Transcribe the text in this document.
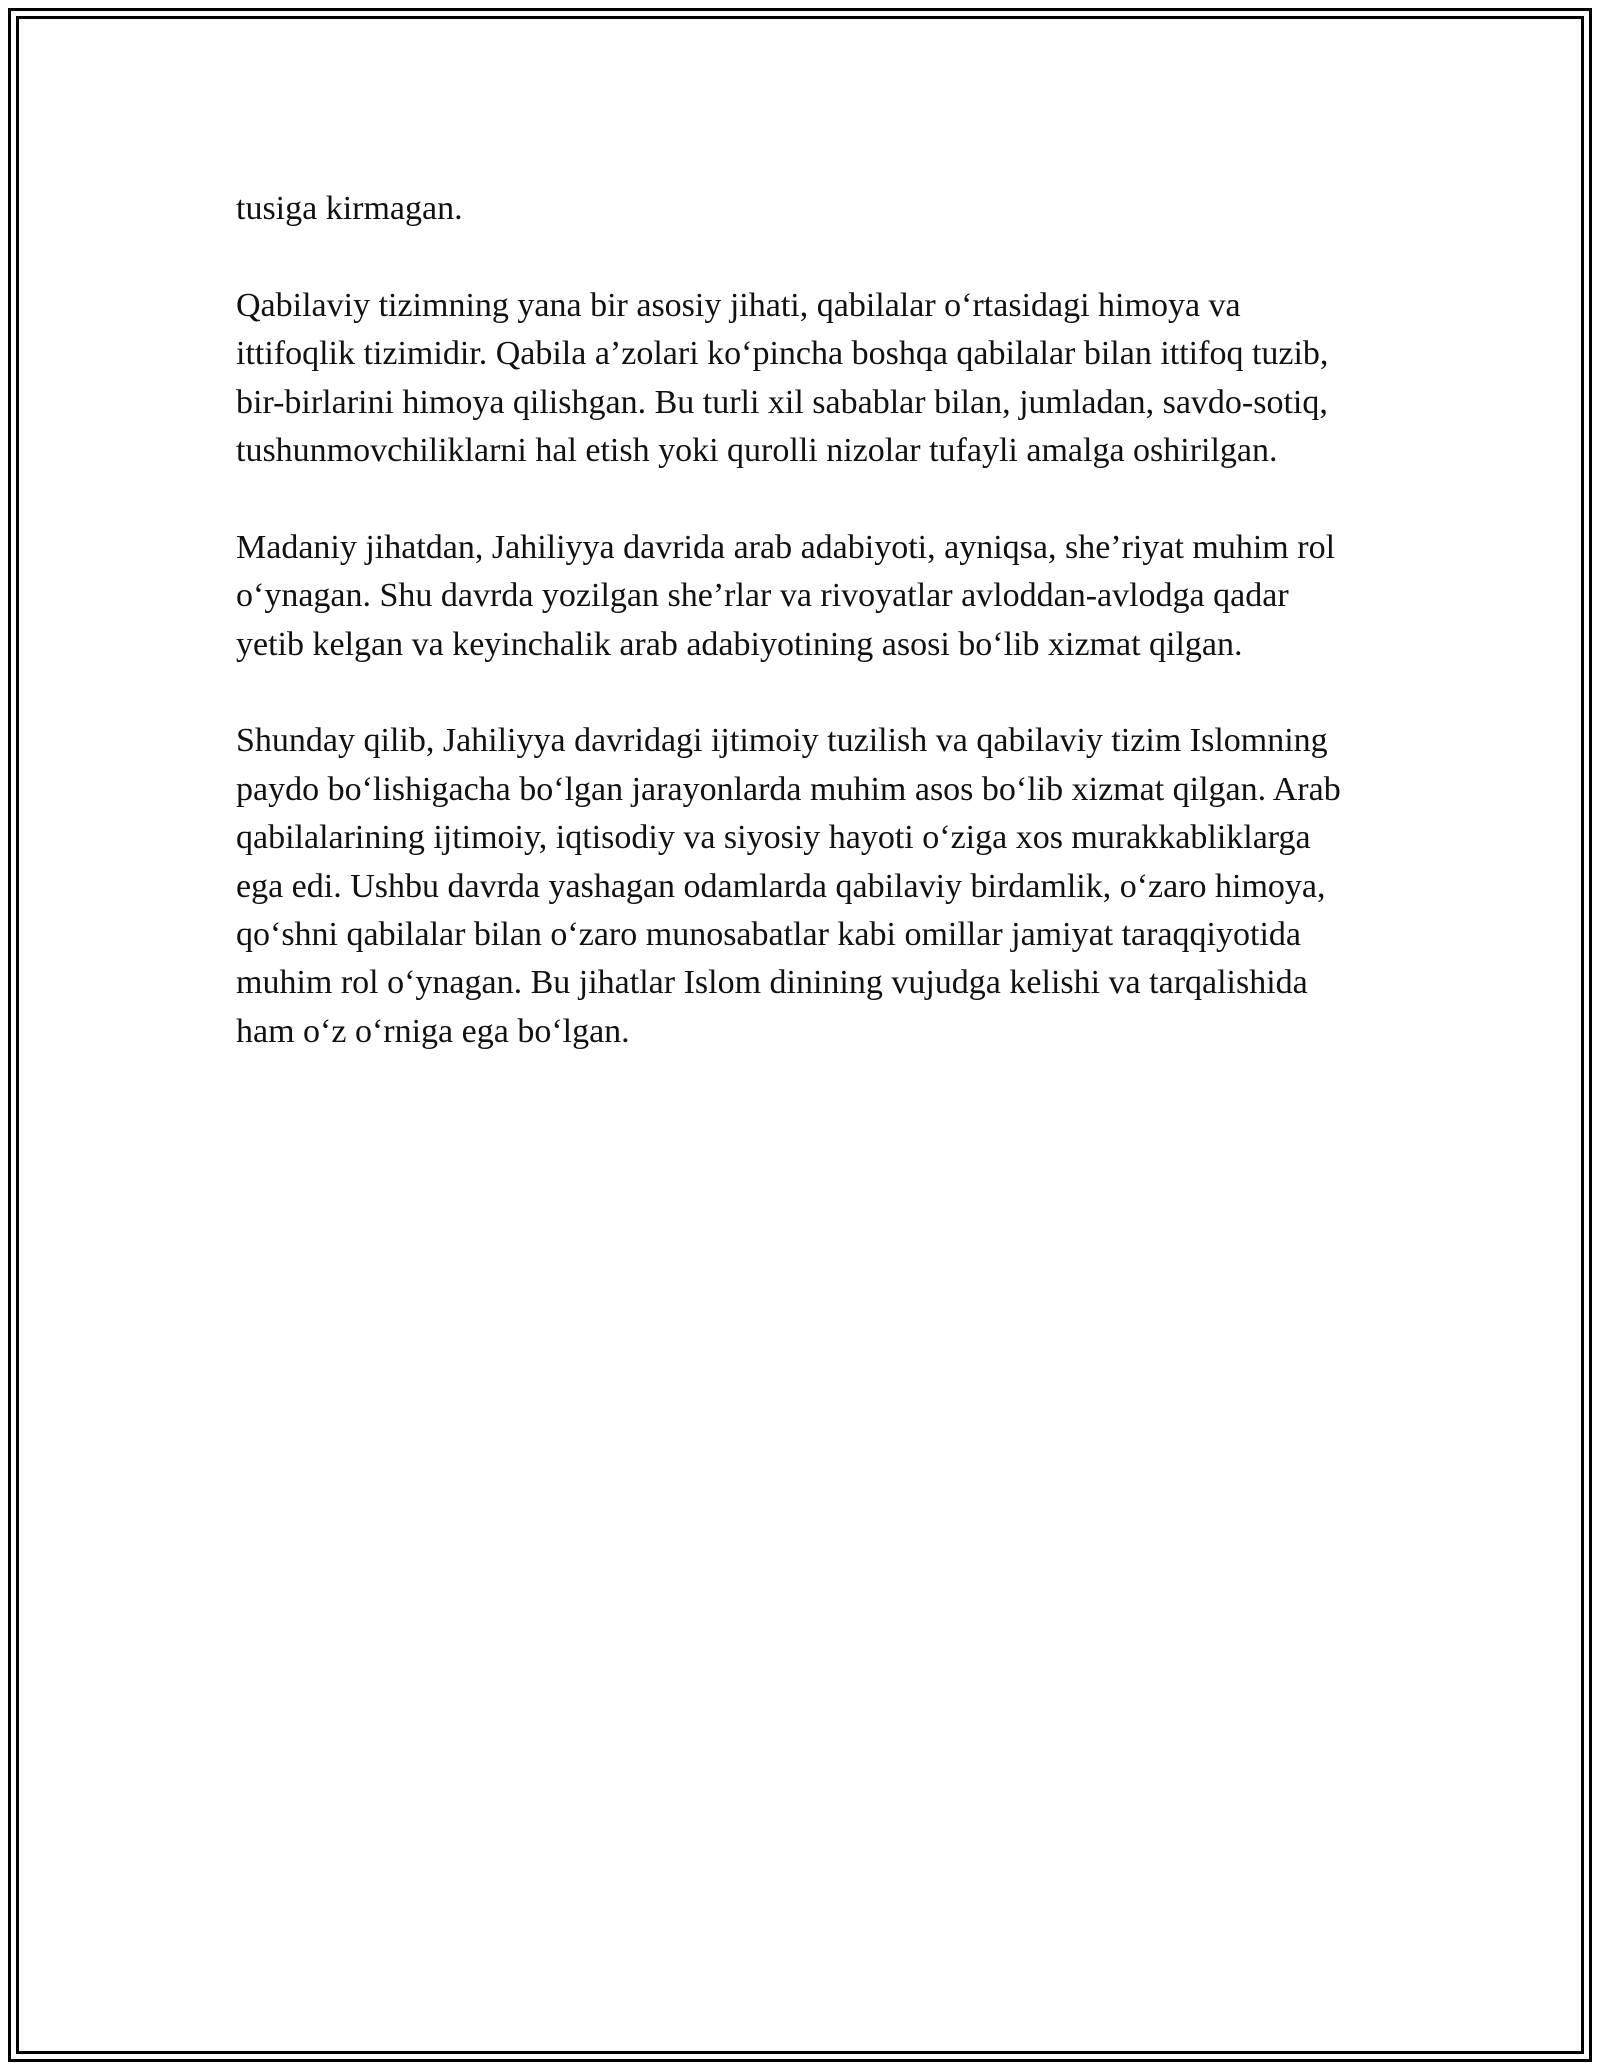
tusiga kirmagan.

Qabilaviy tizimning yana bir asosiy jihati, qabilalar o‘rtasidagi himoya va ittifoqlik tizimidir. Qabila a’zolari ko‘pincha boshqa qabilalar bilan ittifoq tuzib, bir-birlarini himoya qilishgan. Bu turli xil sabablar bilan, jumladan, savdo-sotiq, tushunmovchiliklarni hal etish yoki qurolli nizolar tufayli amalga oshirilgan.

Madaniy jihatdan, Jahiliyya davrida arab adabiyoti, ayniqsa, she’riyat muhim rol o‘ynagan. Shu davrda yozilgan she’rlar va rivoyatlar avloddan-avlodga qadar yetib kelgan va keyinchalik arab adabiyotining asosi bo‘lib xizmat qilgan.

Shunday qilib, Jahiliyya davridagi ijtimoiy tuzilish va qabilaviy tizim Islomning paydo bo‘lishigacha bo‘lgan jarayonlarda muhim asos bo‘lib xizmat qilgan. Arab qabilalarining ijtimoiy, iqtisodiy va siyosiy hayoti o‘ziga xos murakkabliklarga ega edi. Ushbu davrda yashagan odamlarda qabilaviy birdamlik, o‘zaro himoya, qo‘shni qabilalar bilan o‘zaro munosabatlar kabi omillar jamiyat taraqqiyotida muhim rol o‘ynagan. Bu jihatlar Islom dinining vujudga kelishi va tarqalishida ham o‘z o‘rniga ega bo‘lgan.
